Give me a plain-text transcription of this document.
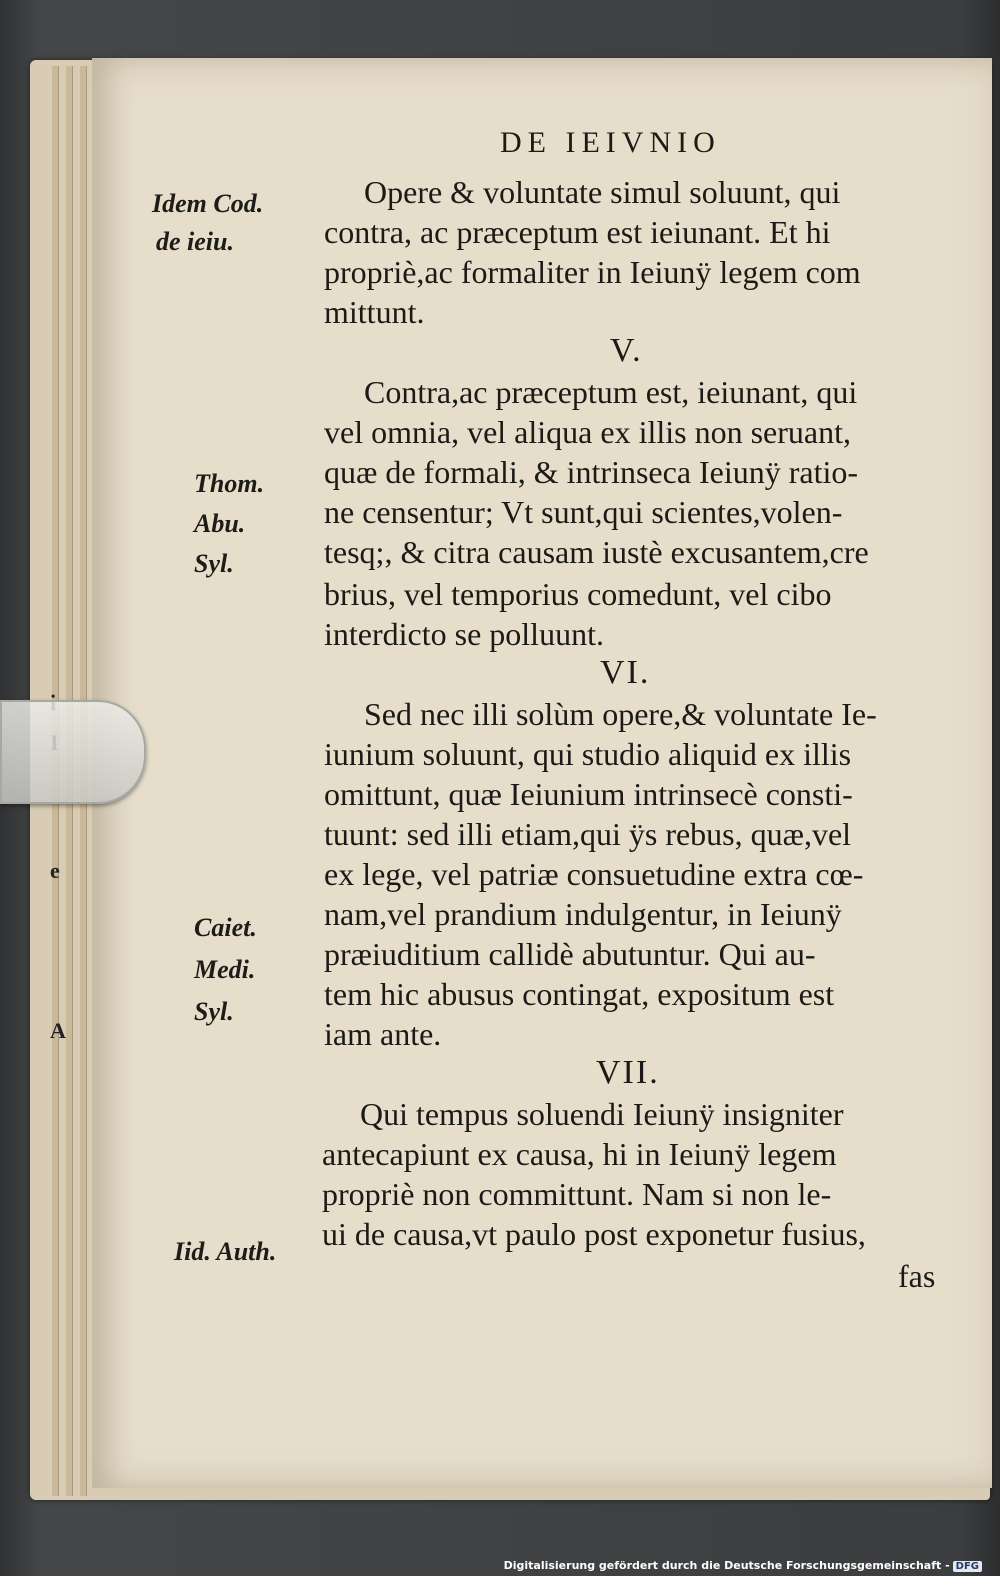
e
A
DE IEIVNIO
Idem Cod.
de ieiu.
Thom.
Abu.
Syl.
Caiet.
Medi.
Syl.
Iid. Auth.
Opere & voluntate simul soluunt, qui
contra, ac præceptum est ieiunant. Et hi
propriè,ac formaliter in Ieiunÿ legem com
mittunt.
V.
Contra,ac præceptum est, ieiunant, qui
vel omnia, vel aliqua ex illis non seruant,
quæ de formali, & intrinseca Ieiunÿ ratio-
ne censentur; Vt sunt,qui scientes,volen-
tesq;, & citra causam iustè excusantem,cre
brius, vel temporius comedunt, vel cibo
interdicto se polluunt.
VI.
Sed nec illi solùm opere,& voluntate Ie-
iunium soluunt, qui studio aliquid ex illis
omittunt, quæ Ieiunium intrinsecè consti-
tuunt: sed illi etiam,qui ÿs rebus, quæ,vel
ex lege, vel patriæ consuetudine extra cœ-
nam,vel prandium indulgentur, in Ieiunÿ
præiuditium callidè abutuntur. Qui au-
tem hic abusus contingat, expositum est
iam ante.
VII.
Qui tempus soluendi Ieiunÿ insigniter
antecapiunt ex causa, hi in Ieiunÿ legem
propriè non committunt. Nam si non le-
ui de causa,vt paulo post exponetur fusius,
fas
Digitalisierung gefördert durch die Deutsche Forschungsgemeinschaft - DFG
